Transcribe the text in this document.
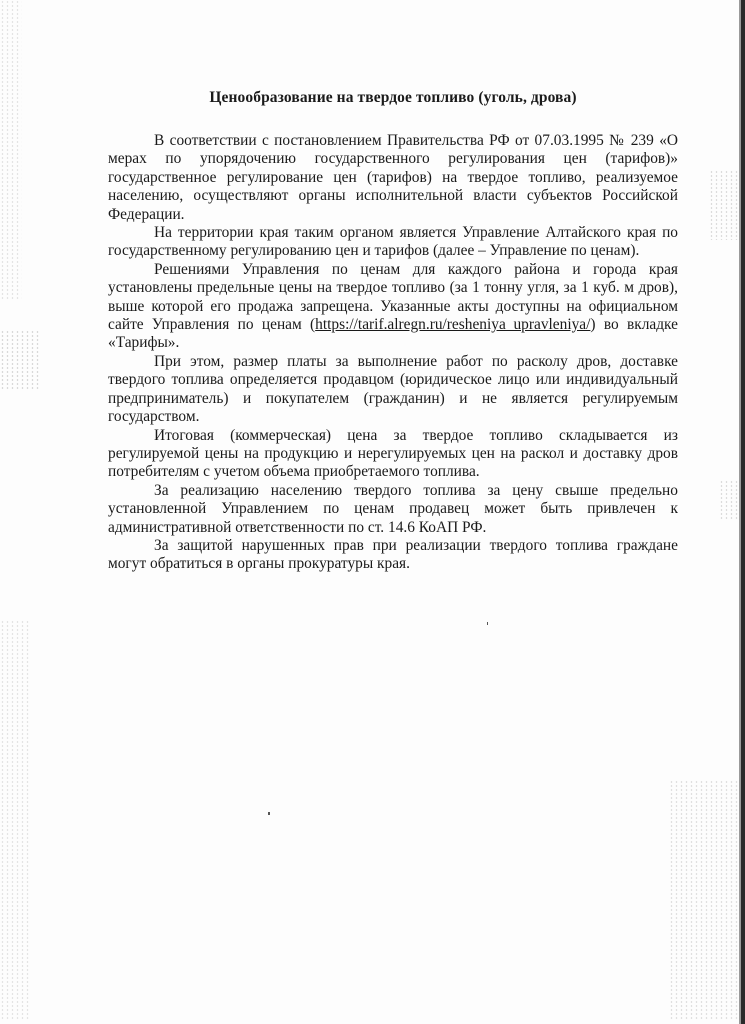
Ценообразование на твердое топливо (уголь, дрова)

В соответствии с постановлением Правительства РФ от 07.03.1995 № 239 «О мерах по упорядочению государственного регулирования цен (тарифов)» государственное регулирование цен (тарифов) на твердое топливо, реализуемое населению, осуществляют органы исполнительной власти субъектов Российской Федерации.

На территории края таким органом является Управление Алтайского края по государственному регулированию цен и тарифов (далее – Управление по ценам).

Решениями Управления по ценам для каждого района и города края установлены предельные цены на твердое топливо (за 1 тонну угля, за 1 куб. м дров), выше которой его продажа запрещена. Указанные акты доступны на официальном сайте Управления по ценам (https://tarif.alregn.ru/resheniya_upravleniya/) во вкладке «Тарифы».

При этом, размер платы за выполнение работ по расколу дров, доставке твердого топлива определяется продавцом (юридическое лицо или индивидуальный предприниматель) и покупателем (гражданин) и не является регулируемым государством.

Итоговая (коммерческая) цена за твердое топливо складывается из регулируемой цены на продукцию и нерегулируемых цен на раскол и доставку дров потребителям с учетом объема приобретаемого топлива.

За реализацию населению твердого топлива за цену свыше предельно установленной Управлением по ценам продавец может быть привлечен к административной ответственности по ст. 14.6 КоАП РФ.

За защитой нарушенных прав при реализации твердого топлива граждане могут обратиться в органы прокуратуры края.
